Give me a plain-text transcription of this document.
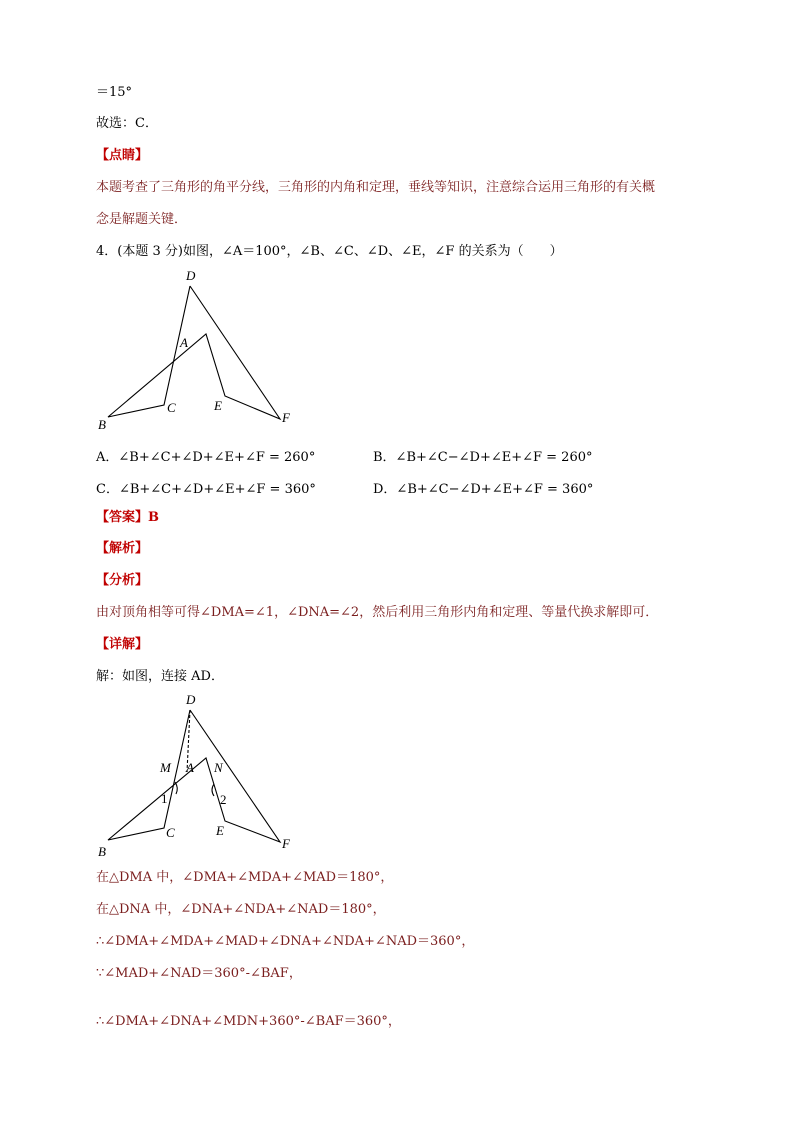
＝15°
故选：C．
【点睛】
本题考查了三角形的角平分线，三角形的内角和定理，垂线等知识，注意综合运用三角形的有关概
念是解题关键．
4．(本题 3 分)如图，∠A＝100°，∠B、∠C、∠D、∠E，∠F 的关系为（　　）
D
A
B
C	E
F
A．∠B+∠C+∠D+∠E+∠F = 260°	B．∠B+∠C−∠D+∠E+∠F = 260°
C．∠B+∠C+∠D+∠E+∠F = 360°	D．∠B+∠C−∠D+∠E+∠F = 360°
【答案】B
【解析】
【分析】
由对顶角相等可得∠DMA=∠1，∠DNA=∠2，然后利用三角形内角和定理、等量代换求解即可．
【详解】
解：如图，连接 AD．
D
M A N
1	2
B
C	E
F
在△DMA 中，∠DMA+∠MDA+∠MAD＝180°，
在△DNA 中，∠DNA+∠NDA+∠NAD＝180°，
∴∠DMA+∠MDA+∠MAD+∠DNA+∠NDA+∠NAD＝360°，
∵∠MAD+∠NAD＝360°-∠BAF，
∴∠DMA+∠DNA+∠MDN+360°-∠BAF＝360°，
